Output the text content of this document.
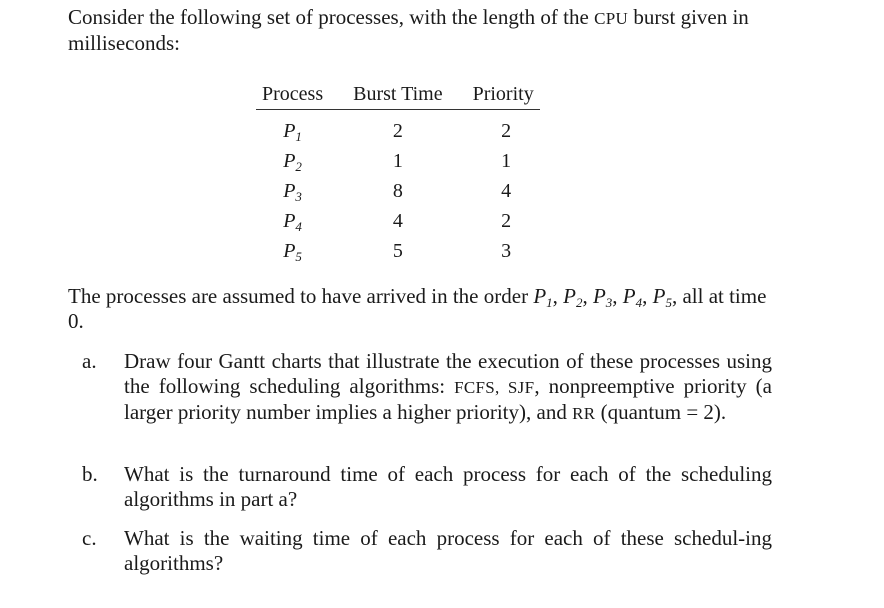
Consider the following set of processes, with the length of the CPU burst given in milliseconds:
Process	Burst Time	Priority
$P_1$	2	2
$P_2$	1	1
$P_3$	8	4
$P_4$	4	2
$P_5$	5	3
The processes are assumed to have arrived in the order $P_1$, $P_2$, $P_3$, $P_4$, $P_5$, all at time 0.
a. Draw four Gantt charts that illustrate the execution of these processes using the following scheduling algorithms: FCFS, SJF, nonpreemptive priority (a larger priority number implies a higher priority), and RR (quantum = 2).
b. What is the turnaround time of each process for each of the scheduling algorithms in part a?
c. What is the waiting time of each process for each of these schedul-ing algorithms?
